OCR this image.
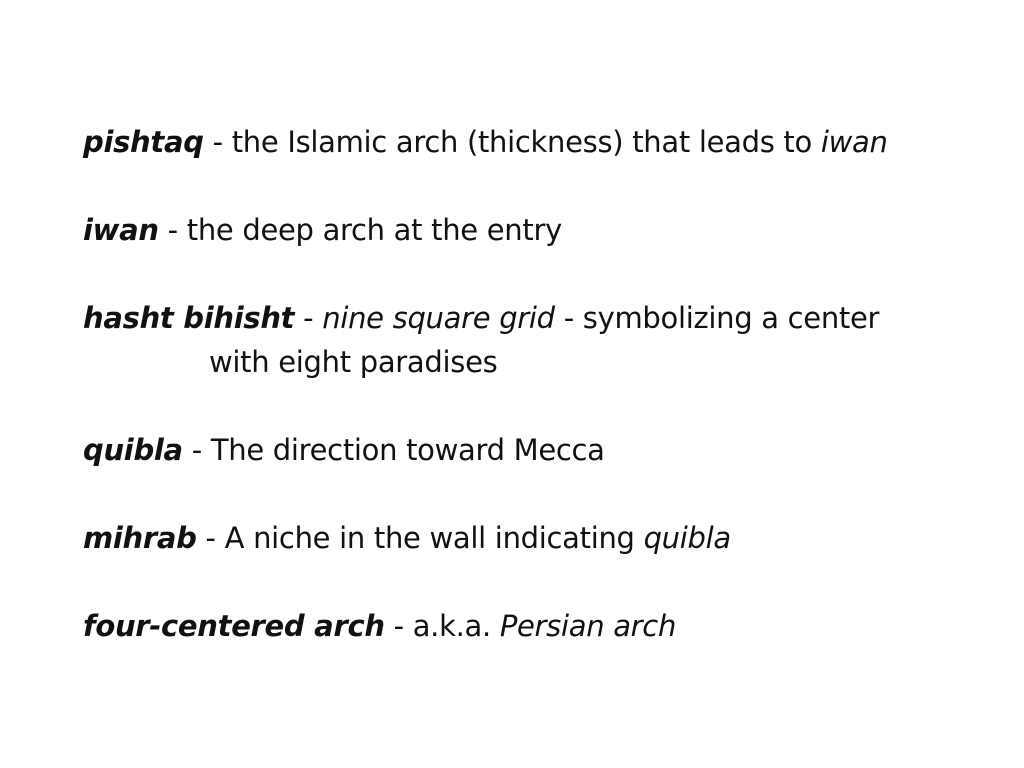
pishtaq - the Islamic arch (thickness) that leads to iwan
iwan - the deep arch at the entry
hasht bihisht - nine square grid - symbolizing a center
with eight paradises
quibla - The direction toward Mecca
mihrab - A niche in the wall indicating quibla
four-centered arch - a.k.a. Persian arch
